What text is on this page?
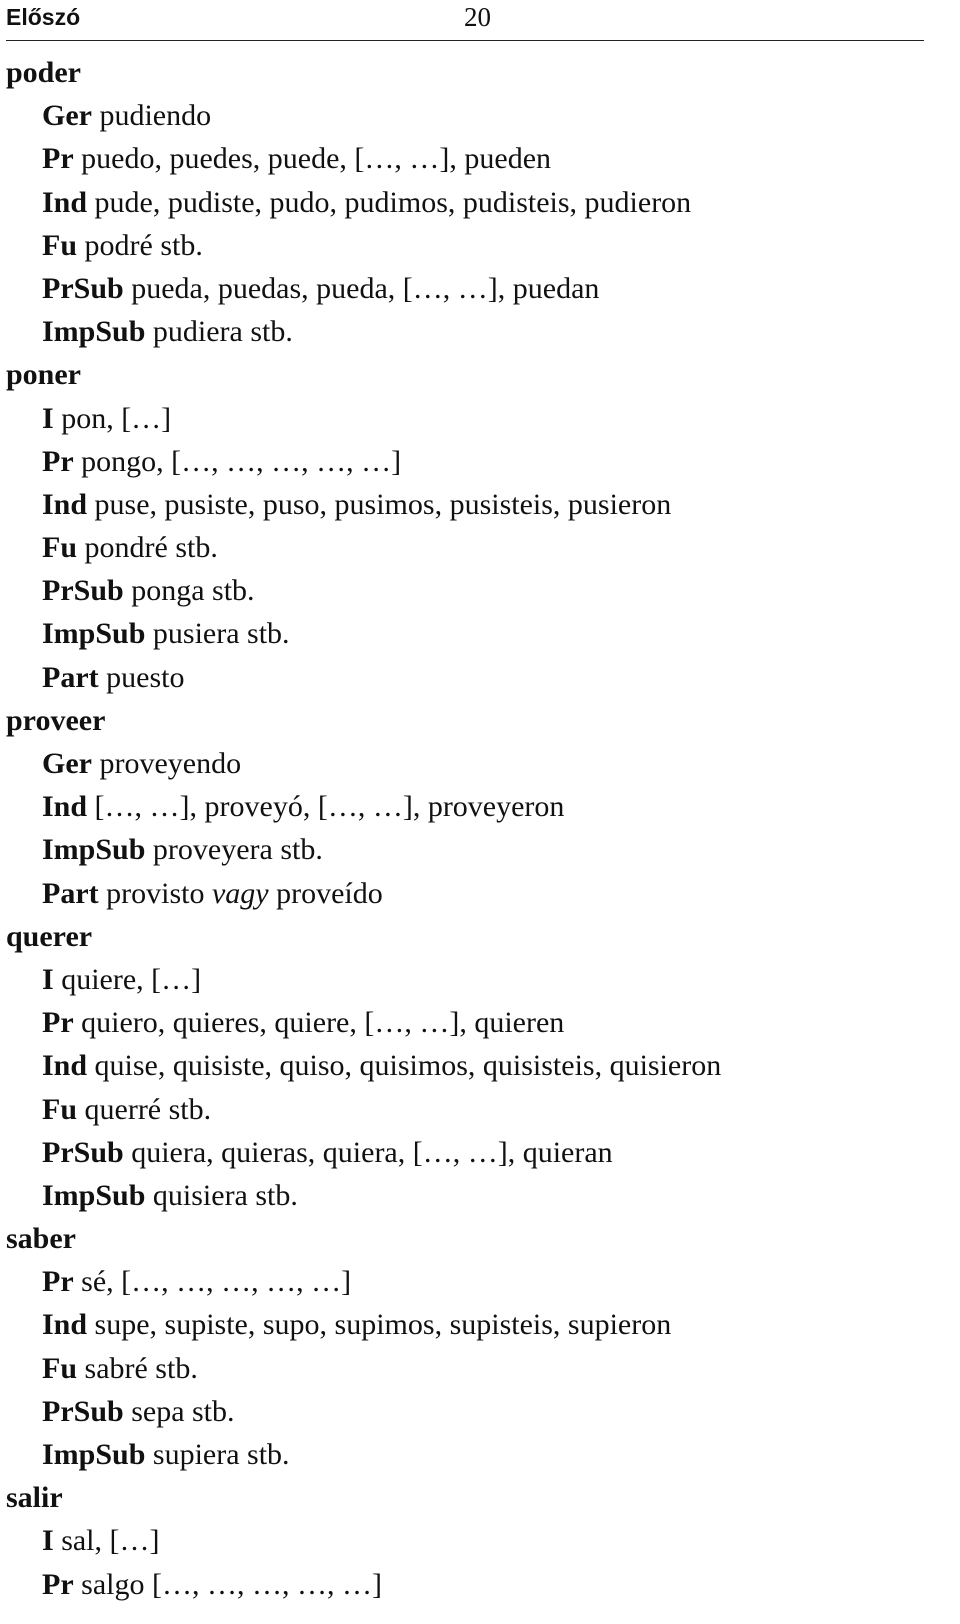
Előszó	20
poder
Ger pudiendo
Pr puedo, puedes, puede, […, …], pueden
Ind pude, pudiste, pudo, pudimos, pudisteis, pudieron
Fu podré stb.
PrSub pueda, puedas, pueda, […, …], puedan
ImpSub pudiera stb.
poner
I pon, […]
Pr pongo, […, …, …, …, …]
Ind puse, pusiste, puso, pusimos, pusisteis, pusieron
Fu pondré stb.
PrSub ponga stb.
ImpSub pusiera stb.
Part puesto
proveer
Ger proveyendo
Ind […, …], proveyó, […, …], proveyeron
ImpSub proveyera stb.
Part provisto vagy proveído
querer
I quiere, […]
Pr quiero, quieres, quiere, […, …], quieren
Ind quise, quisiste, quiso, quisimos, quisisteis, quisieron
Fu querré stb.
PrSub quiera, quieras, quiera, […, …], quieran
ImpSub quisiera stb.
saber
Pr sé, […, …, …, …, …]
Ind supe, supiste, supo, supimos, supisteis, supieron
Fu sabré stb.
PrSub sepa stb.
ImpSub supiera stb.
salir
I sal, […]
Pr salgo […, …, …, …, …]
